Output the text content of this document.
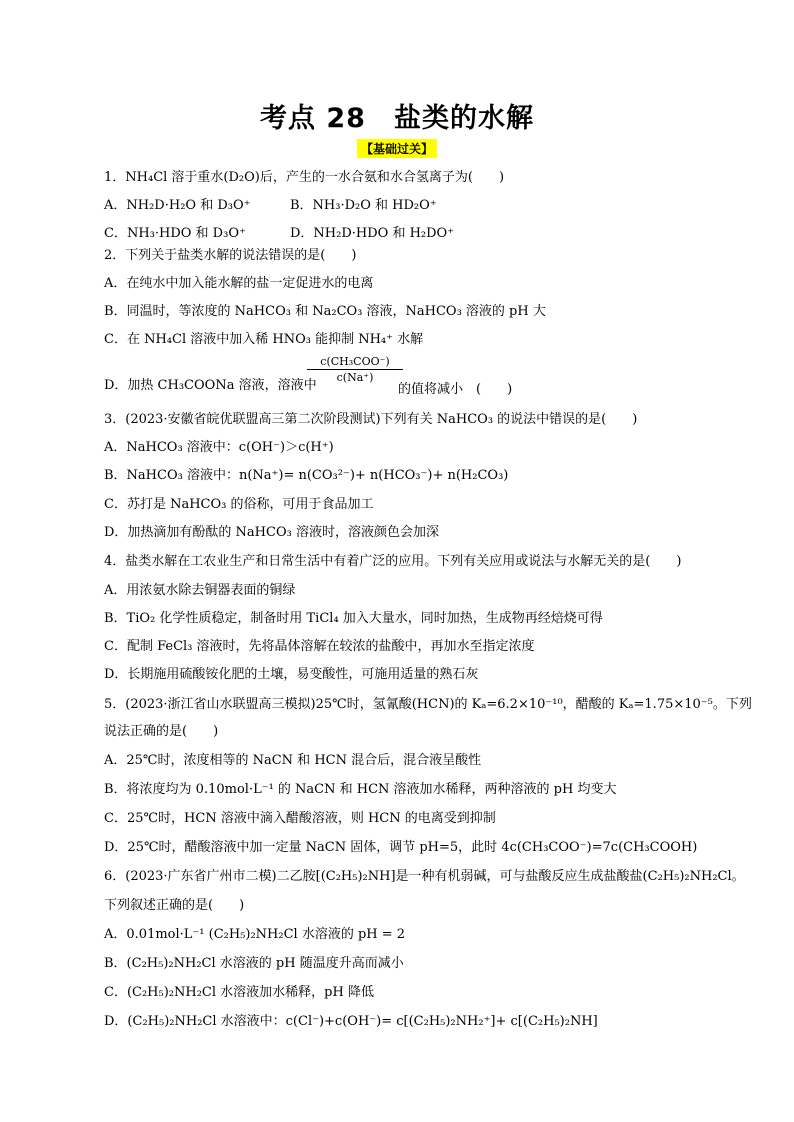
考点 28　盐类的水解
【基础过关】
1．NH₄Cl 溶于重水(D₂O)后，产生的一水合氨和水合氢离子为(　　)
A．NH₂D·H₂O 和 D₃O⁺	B．NH₃·D₂O 和 HD₂O⁺
C．NH₃·HDO 和 D₃O⁺	D．NH₂D·HDO 和 H₂DO⁺
2．下列关于盐类水解的说法错误的是(　　)
A．在纯水中加入能水解的盐一定促进水的电离
B．同温时，等浓度的 NaHCO₃ 和 Na₂CO₃ 溶液，NaHCO₃ 溶液的 pH 大
C．在 NH₄Cl 溶液中加入稀 HNO₃ 能抑制 NH₄⁺ 水解
D．加热 CH₃COONa 溶液，溶液中
c(CH₃COO⁻)
c(Na⁺)
的值将减小　(　　)
3．(2023·安徽省皖优联盟高三第二次阶段测试)下列有关 NaHCO₃ 的说法中错误的是(　　)
A．NaHCO₃ 溶液中：c(OH⁻)＞c(H⁺)
B．NaHCO₃ 溶液中：n(Na⁺)= n(CO₃²⁻)+ n(HCO₃⁻)+ n(H₂CO₃)
C．苏打是 NaHCO₃ 的俗称，可用于食品加工
D．加热滴加有酚酞的 NaHCO₃ 溶液时，溶液颜色会加深
4．盐类水解在工农业生产和日常生活中有着广泛的应用。下列有关应用或说法与水解无关的是(　　)
A．用浓氨水除去铜器表面的铜绿
B．TiO₂ 化学性质稳定，制备时用 TiCl₄ 加入大量水，同时加热，生成物再经焙烧可得
C．配制 FeCl₃ 溶液时，先将晶体溶解在较浓的盐酸中，再加水至指定浓度
D．长期施用硫酸铵化肥的土壤，易变酸性，可施用适量的熟石灰
5．(2023·浙江省山水联盟高三模拟)25℃时，氢氰酸(HCN)的 Kₐ=6.2×10⁻¹⁰，醋酸的 Kₐ=1.75×10⁻⁵。下列
说法正确的是(　　)
A．25℃时，浓度相等的 NaCN 和 HCN 混合后，混合液呈酸性
B．将浓度均为 0.10mol·L⁻¹ 的 NaCN 和 HCN 溶液加水稀释，两种溶液的 pH 均变大
C．25℃时，HCN 溶液中滴入醋酸溶液，则 HCN 的电离受到抑制
D．25℃时，醋酸溶液中加一定量 NaCN 固体，调节 pH=5，此时 4c(CH₃COO⁻)=7c(CH₃COOH)
6．(2023·广东省广州市二模)二乙胺[(C₂H₅)₂NH]是一种有机弱碱，可与盐酸反应生成盐酸盐(C₂H₅)₂NH₂Cl。
下列叙述正确的是(　　)
A．0.01mol·L⁻¹ (C₂H₅)₂NH₂Cl 水溶液的 pH = 2
B．(C₂H₅)₂NH₂Cl 水溶液的 pH 随温度升高而减小
C．(C₂H₅)₂NH₂Cl 水溶液加水稀释，pH 降低
D．(C₂H₅)₂NH₂Cl 水溶液中：c(Cl⁻)+c(OH⁻)= c[(C₂H₅)₂NH₂⁺]+ c[(C₂H₅)₂NH]
